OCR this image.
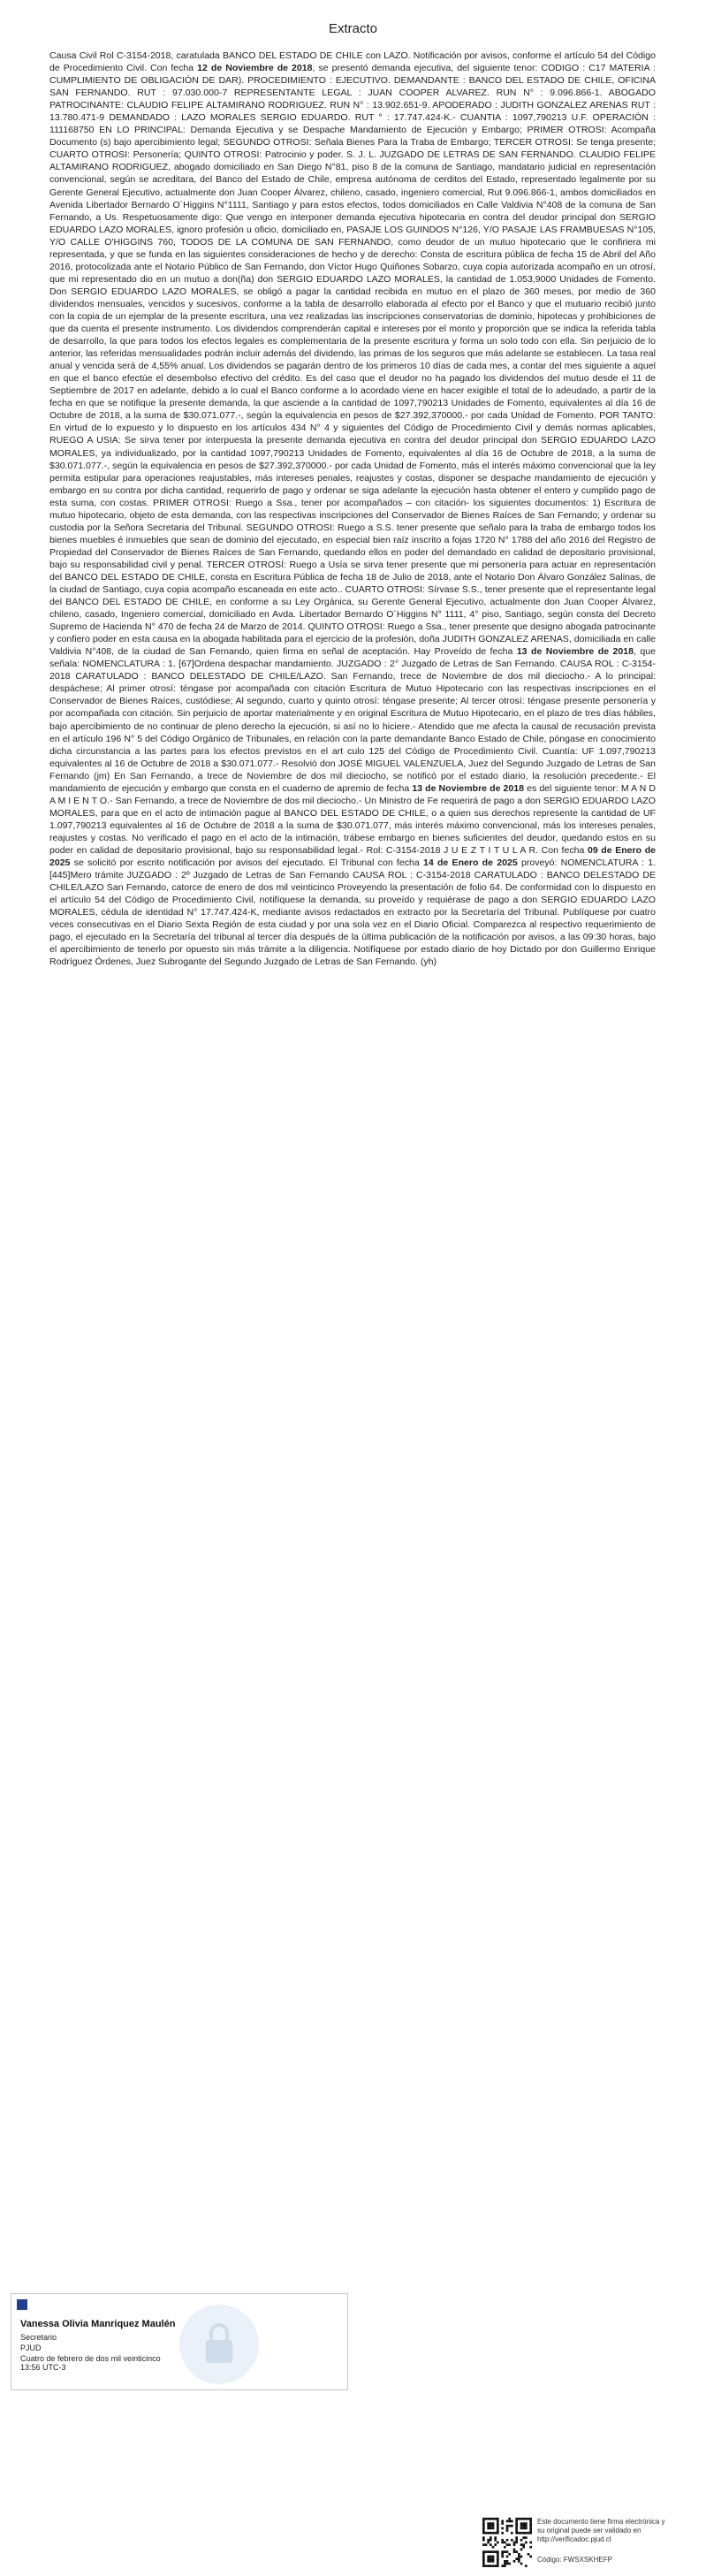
Extracto

Causa Civil Rol C-3154-2018, caratulada BANCO DEL ESTADO DE CHILE con LAZO. Notificación por avisos, conforme el artículo 54 del Código de Procedimiento Civil. Con fecha 12 de Noviembre de 2018, se presentó demanda ejecutiva, del siguiente tenor: CODIGO : C17 MATERIA : CUMPLIMIENTO DE OBLIGACIÓN DE DAR). PROCEDIMIENTO : EJECUTIVO. DEMANDANTE : BANCO DEL ESTADO DE CHILE, OFICINA SAN FERNANDO. RUT : 97.030.000-7 REPRESENTANTE LEGAL : JUAN COOPER ALVAREZ. RUN N° : 9.096.866-1. ABOGADO PATROCINANTE: CLAUDIO FELIPE ALTAMIRANO RODRIGUEZ. RUN N° : 13.902.651-9. APODERADO : JUDITH GONZALEZ ARENAS RUT : 13.780.471-9 DEMANDADO : LAZO MORALES SERGIO EDUARDO. RUT ° : 17.747.424-K.- CUANTIA : 1097,790213 U.F. OPERACIÓN : 111168750 EN LO PRINCIPAL: Demanda Ejecutiva y se Despache Mandamiento de Ejecución y Embargo; PRIMER OTROSI: Acompaña Documento (s) bajo apercibimiento legal; SEGUNDO OTROSI: Señala Bienes Para la Traba de Embargo; TERCER OTROSI: Se tenga presente; CUARTO OTROSI: Personería; QUINTO OTROSI: Patrocinio y poder. S. J. L. JUZGADO DE LETRAS DE SAN FERNANDO. CLAUDIO FELIPE ALTAMIRANO RODRIGUEZ, abogado domiciliado en San Diego N°81, piso 8 de la comuna de Santiago, mandatario judicial en representación convencional, según se acreditara, del Banco del Estado de Chile, empresa autónoma de cerditos del Estado, representado legalmente por su Gerente General Ejecutivo, actualmente don Juan Cooper Álvarez, chileno, casado, ingeniero comercial, Rut 9.096.866-1, ambos domiciliados en Avenida Libertador Bernardo O´Higgins N°1111, Santiago y para estos efectos, todos domiciliados en Calle Valdivia N°408 de la comuna de San Fernando, a Us. Respetuosamente digo: Que vengo en interponer demanda ejecutiva hipotecaria en contra del deudor principal don SERGIO EDUARDO LAZO MORALES, ignoro profesión u oficio, domiciliado en, PASAJE LOS GUINDOS N°126, Y/O PASAJE LAS FRAMBUESAS N°105, Y/O CALLE O'HIGGINS 760, TODOS DE LA COMUNA DE SAN FERNANDO, como deudor de un mutuo hipotecario que le confiriera mi representada, y que se funda en las siguientes consideraciones de hecho y de derecho: Consta de escritura pública de fecha 15 de Abril del Año 2016, protocolizada ante el Notario Público de San Fernando, don Víctor Hugo Quiñones Sobarzo, cuya copia autorizada acompaño en un otrosí, que mi representado dio en un mutuo a don(ña) don SERGIO EDUARDO LAZO MORALES, la cantidad de 1.053,9000 Unidades de Fomento. Don SERGIO EDUARDO LAZO MORALES, se obligó a pagar la cantidad recibida en mutuo en el plazo de 360 meses, por medio de 360 dividendos mensuales, vencidos y sucesivos, conforme a la tabla de desarrollo elaborada al efecto por el Banco y que el mutuario recibió junto con la copia de un ejemplar de la presente escritura, una vez realizadas las inscripciones conservatorias de dominio, hipotecas y prohibiciones de que da cuenta el presente instrumento. Los dividendos comprenderán capital e intereses por el monto y proporción que se indica la referida tabla de desarrollo, la que para todos los efectos legales es complementaria de la presente escritura y forma un solo todo con ella. Sin perjuicio de lo anterior, las referidas mensualidades podrán incluir además del dividendo, las primas de los seguros que más adelante se establecen. La tasa real anual y vencida será de 4,55% anual. Los dividendos se pagarán dentro de los primeros 10 días de cada mes, a contar del mes siguiente a aquel en que el banco efectúe el desembolso efectivo del crédito. Es del caso que el deudor no ha pagado los dividendos del mutuo desde el 11 de Septiembre de 2017 en adelante, debido a lo cual el Banco conforme a lo acordado viene en hacer exigible el total de lo adeudado, a partir de la fecha en que se notifique la presente demanda, la que asciende a la cantidad de 1097,790213 Unidades de Fomento, equivalentes al día 16 de Octubre de 2018, a la suma de $30.071.077.-, según la equivalencia en pesos de $27.392,370000.- por cada Unidad de Fomento. POR TANTO: En virtud de lo expuesto y lo dispuesto en los artículos 434 N° 4 y siguientes del Código de Procedimiento Civil y demás normas aplicables, RUEGO A USIA: Se sirva tener por interpuesta la presente demanda ejecutiva en contra del deudor principal don SERGIO EDUARDO LAZO MORALES, ya individualizado, por la cantidad 1097,790213 Unidades de Fomento, equivalentes al día 16 de Octubre de 2018, a la suma de $30.071.077.-, según la equivalencia en pesos de $27.392,370000.- por cada Unidad de Fomento, más el interés máximo convencional que la ley permita estipular para operaciones reajustables, más intereses penales, reajustes y costas, disponer se despache mandamiento de ejecución y embargo en su contra por dicha cantidad, requerirlo de pago y ordenar se siga adelante la ejecución hasta obtener el entero y cumplido pago de esta suma, con costas. PRIMER OTROSI: Ruego a Ssa., tener por acompañados – con citación- los siguientes documentos: 1) Escritura de mutuo hipotecario, objeto de esta demanda, con las respectivas inscripciones del Conservador de Bienes Raíces de San Fernando; y ordenar su custodia por la Señora Secretaria del Tribunal. SEGUNDO OTROSI: Ruego a S.S. tener presente que señalo para la traba de embargo todos los bienes muebles é inmuebles que sean de dominio del ejecutado, en especial bien raíz inscrito a fojas 1720 N° 1788 del año 2016 del Registro de Propiedad del Conservador de Bienes Raíces de San Fernando, quedando ellos en poder del demandado en calidad de depositario provisional, bajo su responsabilidad civil y penal. TERCER OTROSÍ: Ruego a Usía se sirva tener presente que mi personería para actuar en representación del BANCO DEL ESTADO DE CHILE, consta en Escritura Pública de fecha 18 de Julio de 2018, ante el Notario Don Álvaro González Salinas, de la ciudad de Santiago, cuya copia acompaño escaneada en este acto.. CUARTO OTROSI: Sírvase S.S., tener presente que el representante legal del BANCO DEL ESTADO DE CHILE, en conforme a su Ley Orgánica, su Gerente General Ejecutivo, actualmente don Juan Cooper Álvarez, chileno, casado, Ingeniero comercial, domiciliado en Avda. Libertador Bernardo O´Higgins N° 1111, 4° piso, Santiago, según consta del Decreto Supremo de Hacienda N° 470 de fecha 24 de Marzo de 2014. QUINTO OTROSI: Ruego a Ssa., tener presente que designo abogada patrocinante y confiero poder en esta causa en la abogada habilitada para el ejercicio de la profesión, doña JUDITH GONZALEZ ARENAS, domiciliada en calle Valdivia N°408, de la ciudad de San Fernando, quien firma en señal de aceptación. Hay Proveído de fecha 13 de Noviembre de 2018, que señala: NOMENCLATURA : 1. [67]Ordena despachar mandamiento. JUZGADO : 2° Juzgado de Letras de San Fernando. CAUSA ROL : C-3154-2018 CARATULADO : BANCO DELESTADO DE CHILE/LAZO. San Fernando, trece de Noviembre de dos mil dieciocho.- A lo principal: despáchese; Al primer otrosí: téngase por acompañada con citación Escritura de Mutuo Hipotecario con las respectivas inscripciones en el Conservador de Bienes Raíces, custódiese; Al segundo, cuarto y quinto otrosí: téngase presente; Al tercer otrosí: téngase presente personería y por acompañada con citación. Sin perjuicio de aportar materialmente y en original Escritura de Mutuo Hipotecario, en el plazo de tres días hábiles, bajo apercibimiento de no continuar de pleno derecho la ejecución, si así no lo hiciere.- Atendido que me afecta la causal de recusación prevista en el artículo 196 N° 5 del Código Orgánico de Tribunales, en relación con la parte demandante Banco Estado de Chile, póngase en conocimiento dicha circunstancia a las partes para los efectos previstos en el art culo 125 del Código de Procedimiento Civil. Cuantía: UF 1.097,790213 equivalentes al 16 de Octubre de 2018 a $30.071.077.- Resolvió don JOSÉ MIGUEL VALENZUELA, Juez del Segundo Juzgado de Letras de San Fernando (jm) En San Fernando, a trece de Noviembre de dos mil dieciocho, se notificó por el estado diario, la resolución precedente.- El mandamiento de ejecución y embargo que consta en el cuaderno de apremio de fecha 13 de Noviembre de 2018 es del siguiente tenor: M A N D A M I E N T O.- San Fernando, a trece de Noviembre de dos mil dieciocho.- Un Ministro de Fe requerirá de pago a don SERGIO EDUARDO LAZO MORALES, para que en el acto de intimación pague al BANCO DEL ESTADO DE CHILE, o a quien sus derechos represente la cantidad de UF 1.097,790213 equivalentes al 16 de Octubre de 2018 a la suma de $30.071.077, más interés máximo convencional, más los intereses penales, reajustes y costas. No verificado el pago en el acto de la intimación, trábese embargo en bienes suficientes del deudor, quedando estos en su poder en calidad de depositario provisional, bajo su responsabilidad legal.- Rol: C-3154-2018 J U E Z T I T U L A R. Con fecha 09 de Enero de 2025 se solicitó por escrito notificación por avisos del ejecutado. El Tribunal con fecha 14 de Enero de 2025 proveyó: NOMENCLATURA : 1. [445]Mero trámite JUZGADO : 2º Juzgado de Letras de San Fernando CAUSA ROL : C-3154-2018 CARATULADO : BANCO DELESTADO DE CHILE/LAZO San Fernando, catorce de enero de dos mil veinticinco Proveyendo la presentación de folio 64. De conformidad con lo dispuesto en el artículo 54 del Código de Procedimiento Civil, notifíquese la demanda, su proveído y requiérase de pago a don SERGIO EDUARDO LAZO MORALES, cédula de identidad N° 17.747.424-K, mediante avisos redactados en extracto por la Secretaría del Tribunal. Publíquese por cuatro veces consecutivas en el Diario Sexta Región de esta ciudad y por una sola vez en el Diario Oficial. Comparezca al respectivo requerimiento de pago, el ejecutado en la Secretaría del tribunal al tercer día después de la última publicación de la notificación por avisos, a las 09:30 horas, bajo el apercibimiento de tenerlo por opuesto sin más trámite a la diligencia. Notifíquese por estado diario de hoy Dictado por don Guillermo Enrique Rodríguez Órdenes, Juez Subrogante del Segundo Juzgado de Letras de San Fernando. (yh)

Vanessa Olivia Manriquez Maulén
Secretario
PJUD
Cuatro de febrero de dos mil veinticinco
13:56 UTC-3
Este documento tiene firma electrónica y su original puede ser validado en http://verificadoc.pjud.cl
Código: FWSXSKHEFP
